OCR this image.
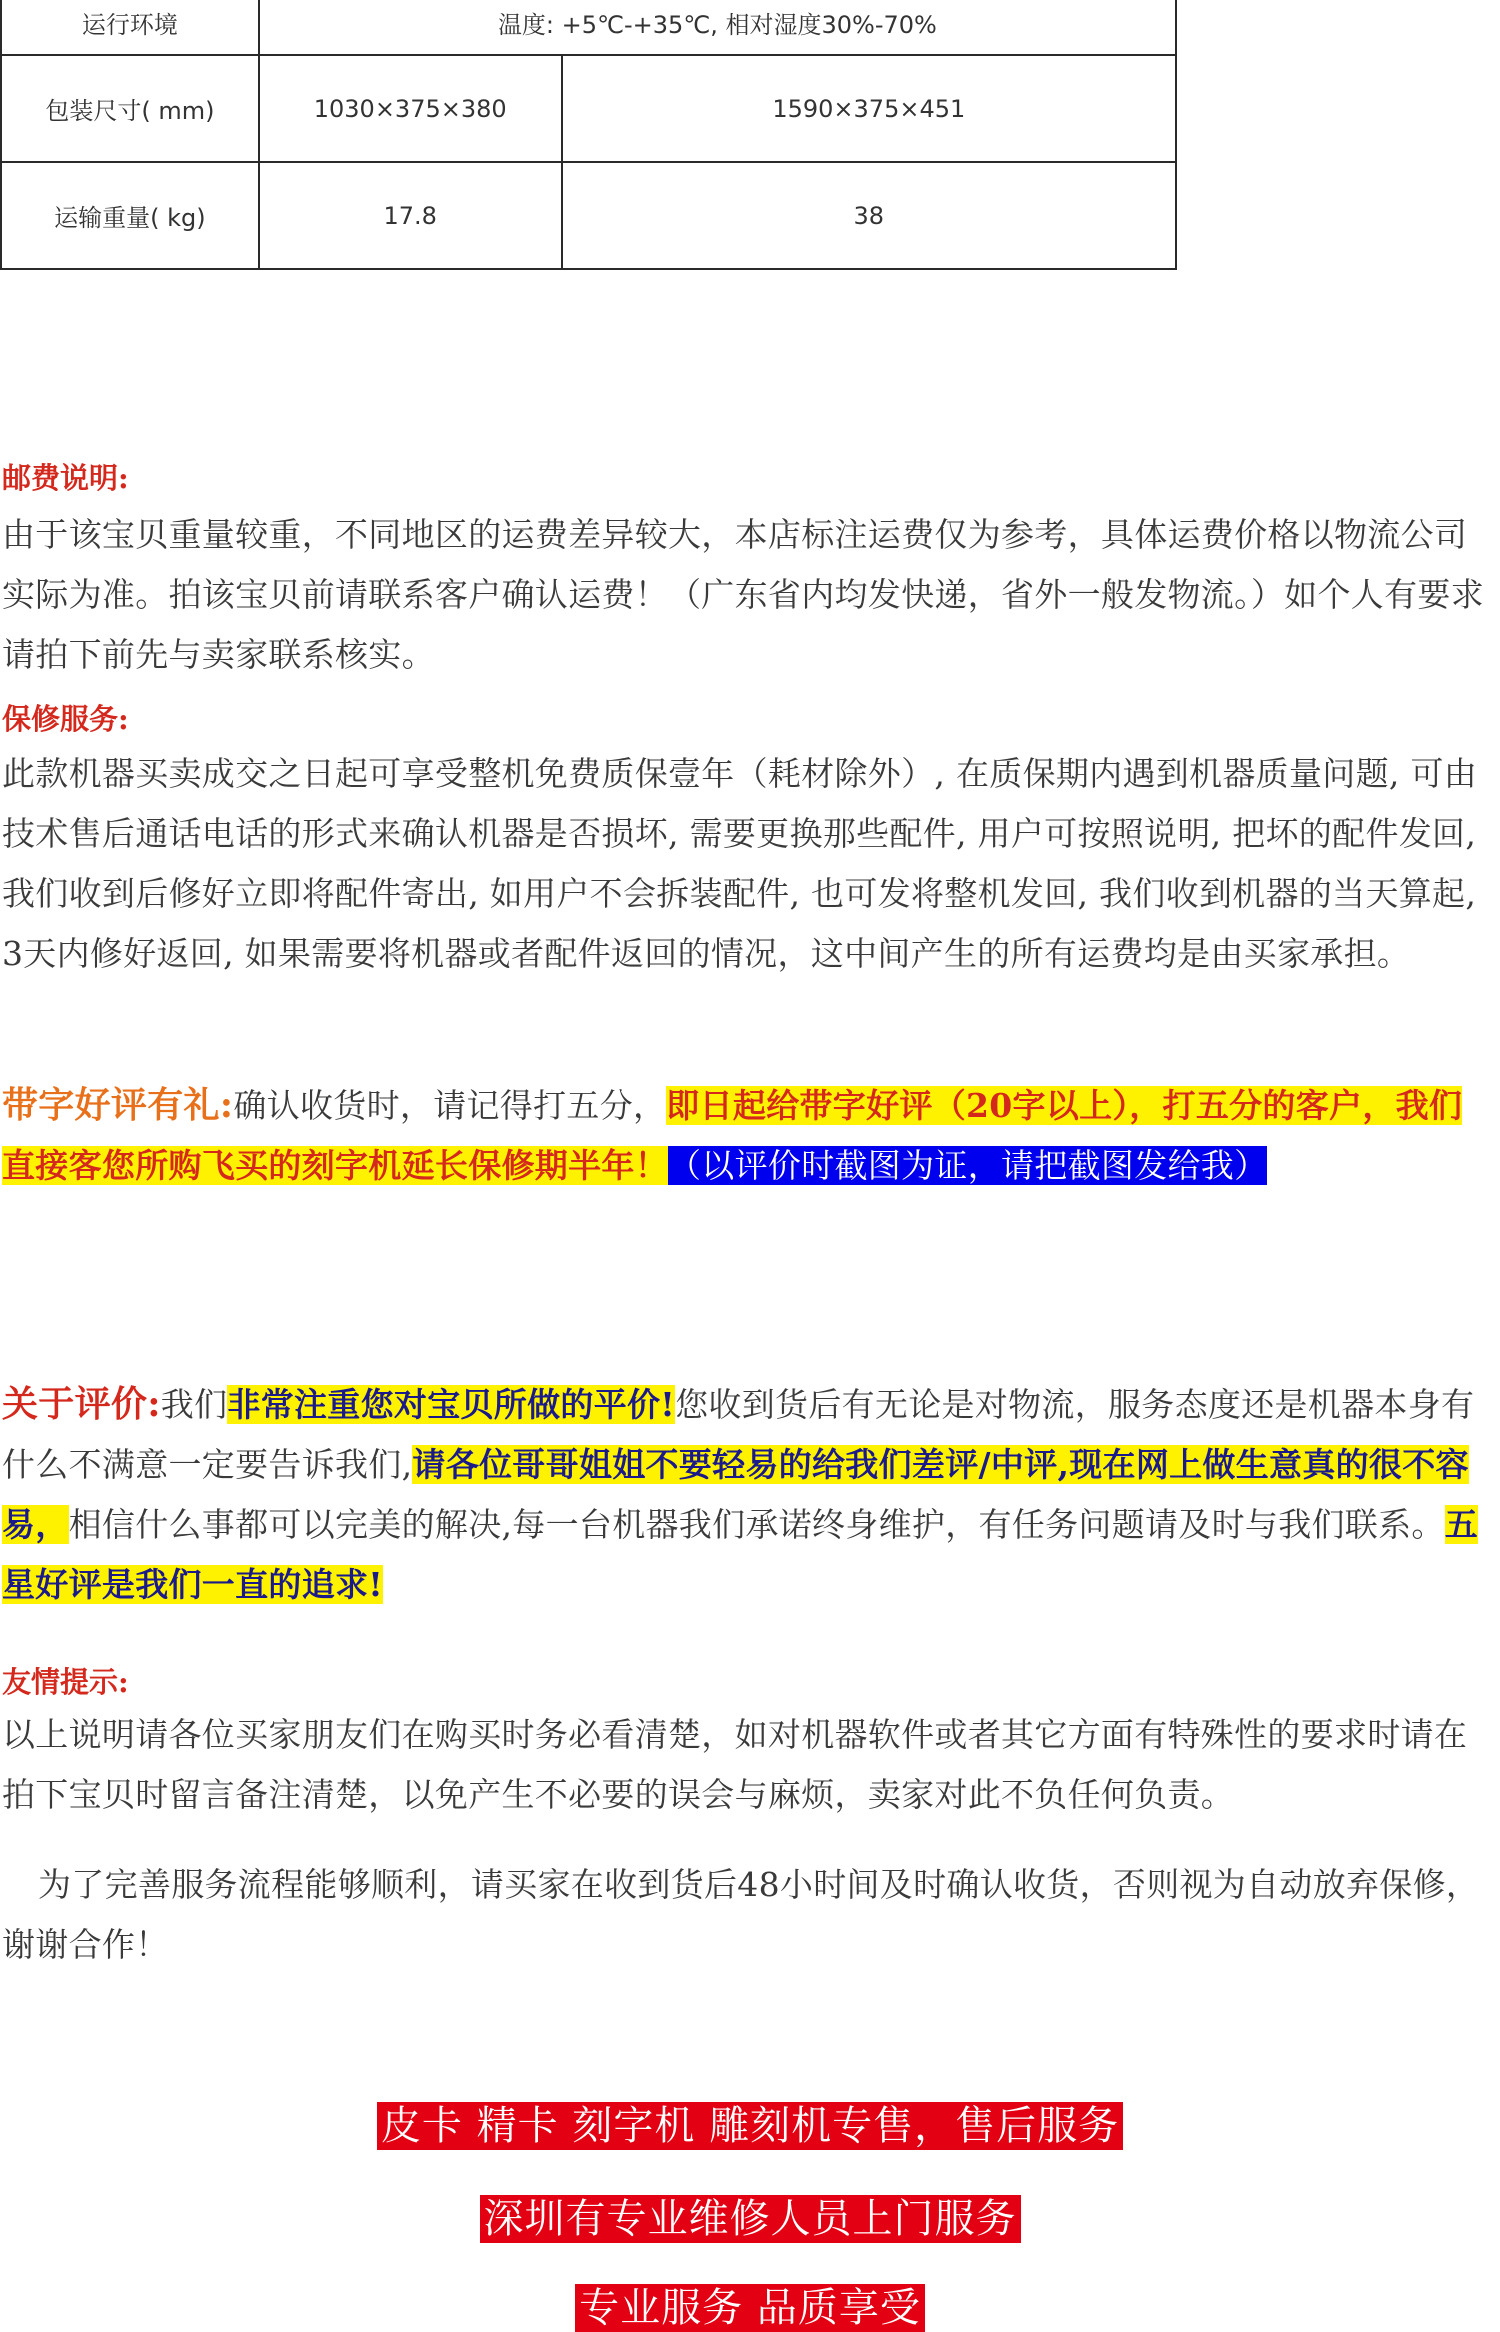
运行环境	温度: +5℃-+35℃, 相对湿度30%-70%	
包装尺寸( mm)	1030×375×380	1590×375×451
运输重量( kg)	17.8	38
邮费说明:

由于该宝贝重量较重，不同地区的运费差异较大，本店标注运费仅为参考，具体运费价格以物流公司实际为准。拍该宝贝前请联系客户确认运费！（广东省内均发快递，省外一般发物流。）如个人有要求请拍下前先与卖家联系核实。

保修服务:

此款机器买卖成交之日起可享受整机免费质保壹年（耗材除外）, 在质保期内遇到机器质量问题, 可由技术售后通话电话的形式来确认机器是否损坏, 需要更换那些配件, 用户可按照说明, 把坏的配件发回, 我们收到后修好立即将配件寄出, 如用户不会拆装配件, 也可发将整机发回, 我们收到机器的当天算起, 3天内修好返回, 如果需要将机器或者配件返回的情况，这中间产生的所有运费均是由买家承担。

带字好评有礼:确认收货时，请记得打五分，即日起给带字好评（20字以上），打五分的客户，我们直接客您所购飞买的刻字机延长保修期半年！（以评价时截图为证，请把截图发给我）

关于评价:我们非常注重您对宝贝所做的平价!您收到货后有无论是对物流，服务态度还是机器本身有什么不满意一定要告诉我们,请各位哥哥姐姐不要轻易的给我们差评/中评,现在网上做生意真的很不容易，相信什么事都可以完美的解决,每一台机器我们承诺终身维护，有任务问题请及时与我们联系。五星好评是我们一直的追求!

友情提示:

以上说明请各位买家朋友们在购买时务必看清楚，如对机器软件或者其它方面有特殊性的要求时请在拍下宝贝时留言备注清楚，以免产生不必要的误会与麻烦，卖家对此不负任何负责。

为了完善服务流程能够顺利，请买家在收到货后48小时间及时确认收货，否则视为自动放弃保修，谢谢合作！

皮卡 精卡 刻字机 雕刻机专售，售后服务
深圳有专业维修人员上门服务
专业服务 品质享受
